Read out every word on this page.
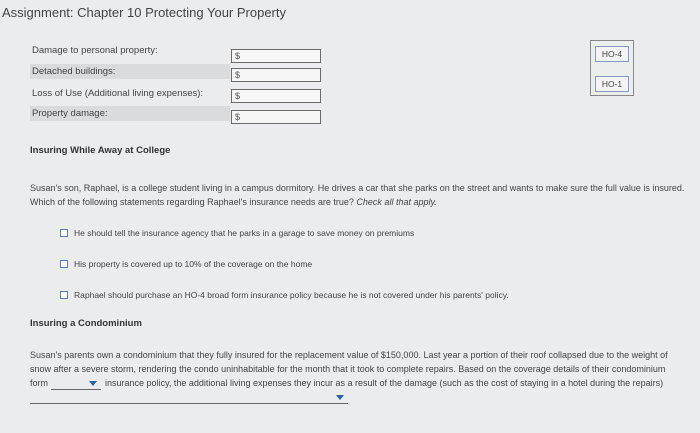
Assignment: Chapter 10 Protecting Your Property
Damage to personal property:	$
Detached buildings:	$
Loss of Use (Additional living expenses):	$
Property damage:	$
HO-4
HO-1
Insuring While Away at College
Susan's son, Raphael, is a college student living in a campus dormitory. He drives a car that she parks on the street and wants to make sure the full value is insured. Which of the following statements regarding Raphael's insurance needs are true? Check all that apply.
He should tell the insurance agency that he parks in a garage to save money on premiums
His property is covered up to 10% of the coverage on the home
Raphael should purchase an HO-4 broad form insurance policy because he is not covered under his parents' policy.
Insuring a Condominium
Susan's parents own a condominium that they fully insured for the replacement value of $150,000. Last year a portion of their roof collapsed due to the weight of snow after a severe storm, rendering the condo uninhabitable for the month that it took to complete repairs. Based on the coverage details of their condominium form	insurance policy, the additional living expenses they incur as a result of the damage (such as the cost of staying in a hotel during the repairs)
